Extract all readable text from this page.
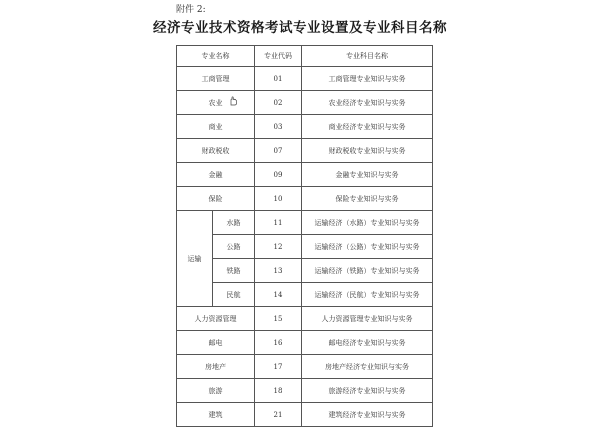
附件 2:
经济专业技术资格考试专业设置及专业科目名称
专业名称		专业代码	专业科目名称
工商管理		01	工商管理专业知识与实务
农业		02	农业经济专业知识与实务
商业		03	商业经济专业知识与实务
财政税收		07	财政税收专业知识与实务
金融		09	金融专业知识与实务
保险		10	保险专业知识与实务
运输	水路	11	运输经济（水路）专业知识与实务
	公路	12	运输经济（公路）专业知识与实务
	铁路	13	运输经济（铁路）专业知识与实务
	民航	14	运输经济（民航）专业知识与实务
人力资源管理		15	人力资源管理专业知识与实务
邮电		16	邮电经济专业知识与实务
房地产		17	房地产经济专业知识与实务
旅游		18	旅游经济专业知识与实务
建筑		21	建筑经济专业知识与实务
